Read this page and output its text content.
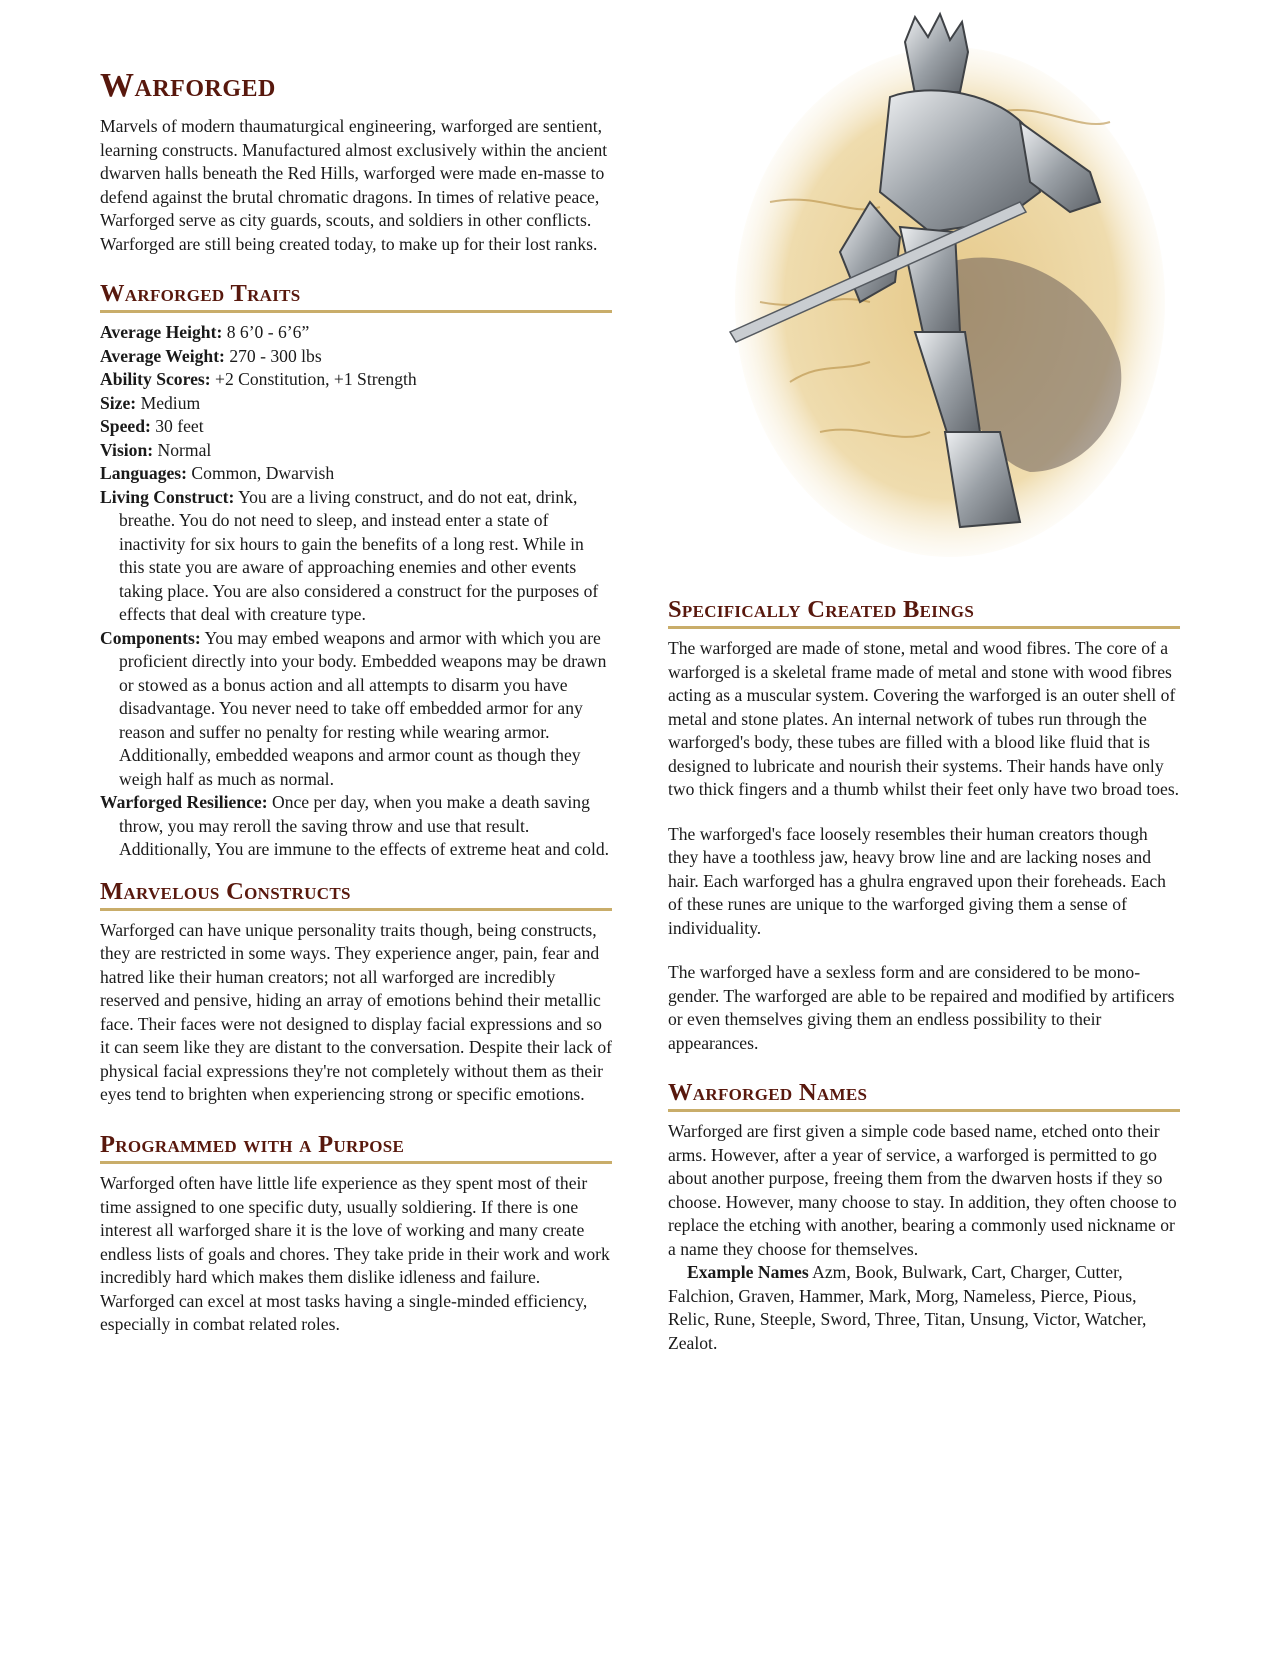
Warforged

Marvels of modern thaumaturgical engineering, warforged are sentient, learning constructs. Manufactured almost exclusively within the ancient dwarven halls beneath the Red Hills, warforged were made en-masse to defend against the brutal chromatic dragons. In times of relative peace, Warforged serve as city guards, scouts, and soldiers in other conflicts. Warforged are still being created today, to make up for their lost ranks.

Warforged Traits
Average Height: 8 6’0 - 6’6”
Average Weight: 270 - 300 lbs
Ability Scores: +2 Constitution, +1 Strength
Size: Medium
Speed: 30 feet
Vision: Normal
Languages: Common, Dwarvish
Living Construct: You are a living construct, and do not eat, drink, breathe. You do not need to sleep, and instead enter a state of inactivity for six hours to gain the benefits of a long rest. While in this state you are aware of approaching enemies and other events taking place. You are also considered a construct for the purposes of effects that deal with creature type.
Components: You may embed weapons and armor with which you are proficient directly into your body. Embedded weapons may be drawn or stowed as a bonus action and all attempts to disarm you have disadvantage. You never need to take off embedded armor for any reason and suffer no penalty for resting while wearing armor. Additionally, embedded weapons and armor count as though they weigh half as much as normal.
Warforged Resilience: Once per day, when you make a death saving throw, you may reroll the saving throw and use that result. Additionally, You are immune to the effects of extreme heat and cold.
Marvelous Constructs

Warforged can have unique personality traits though, being constructs, they are restricted in some ways. They experience anger, pain, fear and hatred like their human creators; not all warforged are incredibly reserved and pensive, hiding an array of emotions behind their metallic face. Their faces were not designed to display facial expressions and so it can seem like they are distant to the conversation. Despite their lack of physical facial expressions they're not completely without them as their eyes tend to brighten when experiencing strong or specific emotions.

Programmed with a Purpose

Warforged often have little life experience as they spent most of their time assigned to one specific duty, usually soldiering. If there is one interest all warforged share it is the love of working and many create endless lists of goals and chores. They take pride in their work and work incredibly hard which makes them dislike idleness and failure. Warforged can excel at most tasks having a single-minded efficiency, especially in combat related roles.

Specifically Created Beings

The warforged are made of stone, metal and wood fibres. The core of a warforged is a skeletal frame made of metal and stone with wood fibres acting as a muscular system. Covering the warforged is an outer shell of metal and stone plates. An internal network of tubes run through the warforged's body, these tubes are filled with a blood like fluid that is designed to lubricate and nourish their systems. Their hands have only two thick fingers and a thumb whilst their feet only have two broad toes.

The warforged's face loosely resembles their human creators though they have a toothless jaw, heavy brow line and are lacking noses and hair. Each warforged has a ghulra engraved upon their foreheads. Each of these runes are unique to the warforged giving them a sense of individuality.

The warforged have a sexless form and are considered to be mono-gender. The warforged are able to be repaired and modified by artificers or even themselves giving them an endless possibility to their appearances.

Warforged Names

Warforged are first given a simple code based name, etched onto their arms. However, after a year of service, a warforged is permitted to go about another purpose, freeing them from the dwarven hosts if they so choose. However, many choose to stay. In addition, they often choose to replace the etching with another, bearing a commonly used nickname or a name they choose for themselves.

Example Names Azm, Book, Bulwark, Cart, Charger, Cutter, Falchion, Graven, Hammer, Mark, Morg, Nameless, Pierce, Pious, Relic, Rune, Steeple, Sword, Three, Titan, Unsung, Victor, Watcher, Zealot.
